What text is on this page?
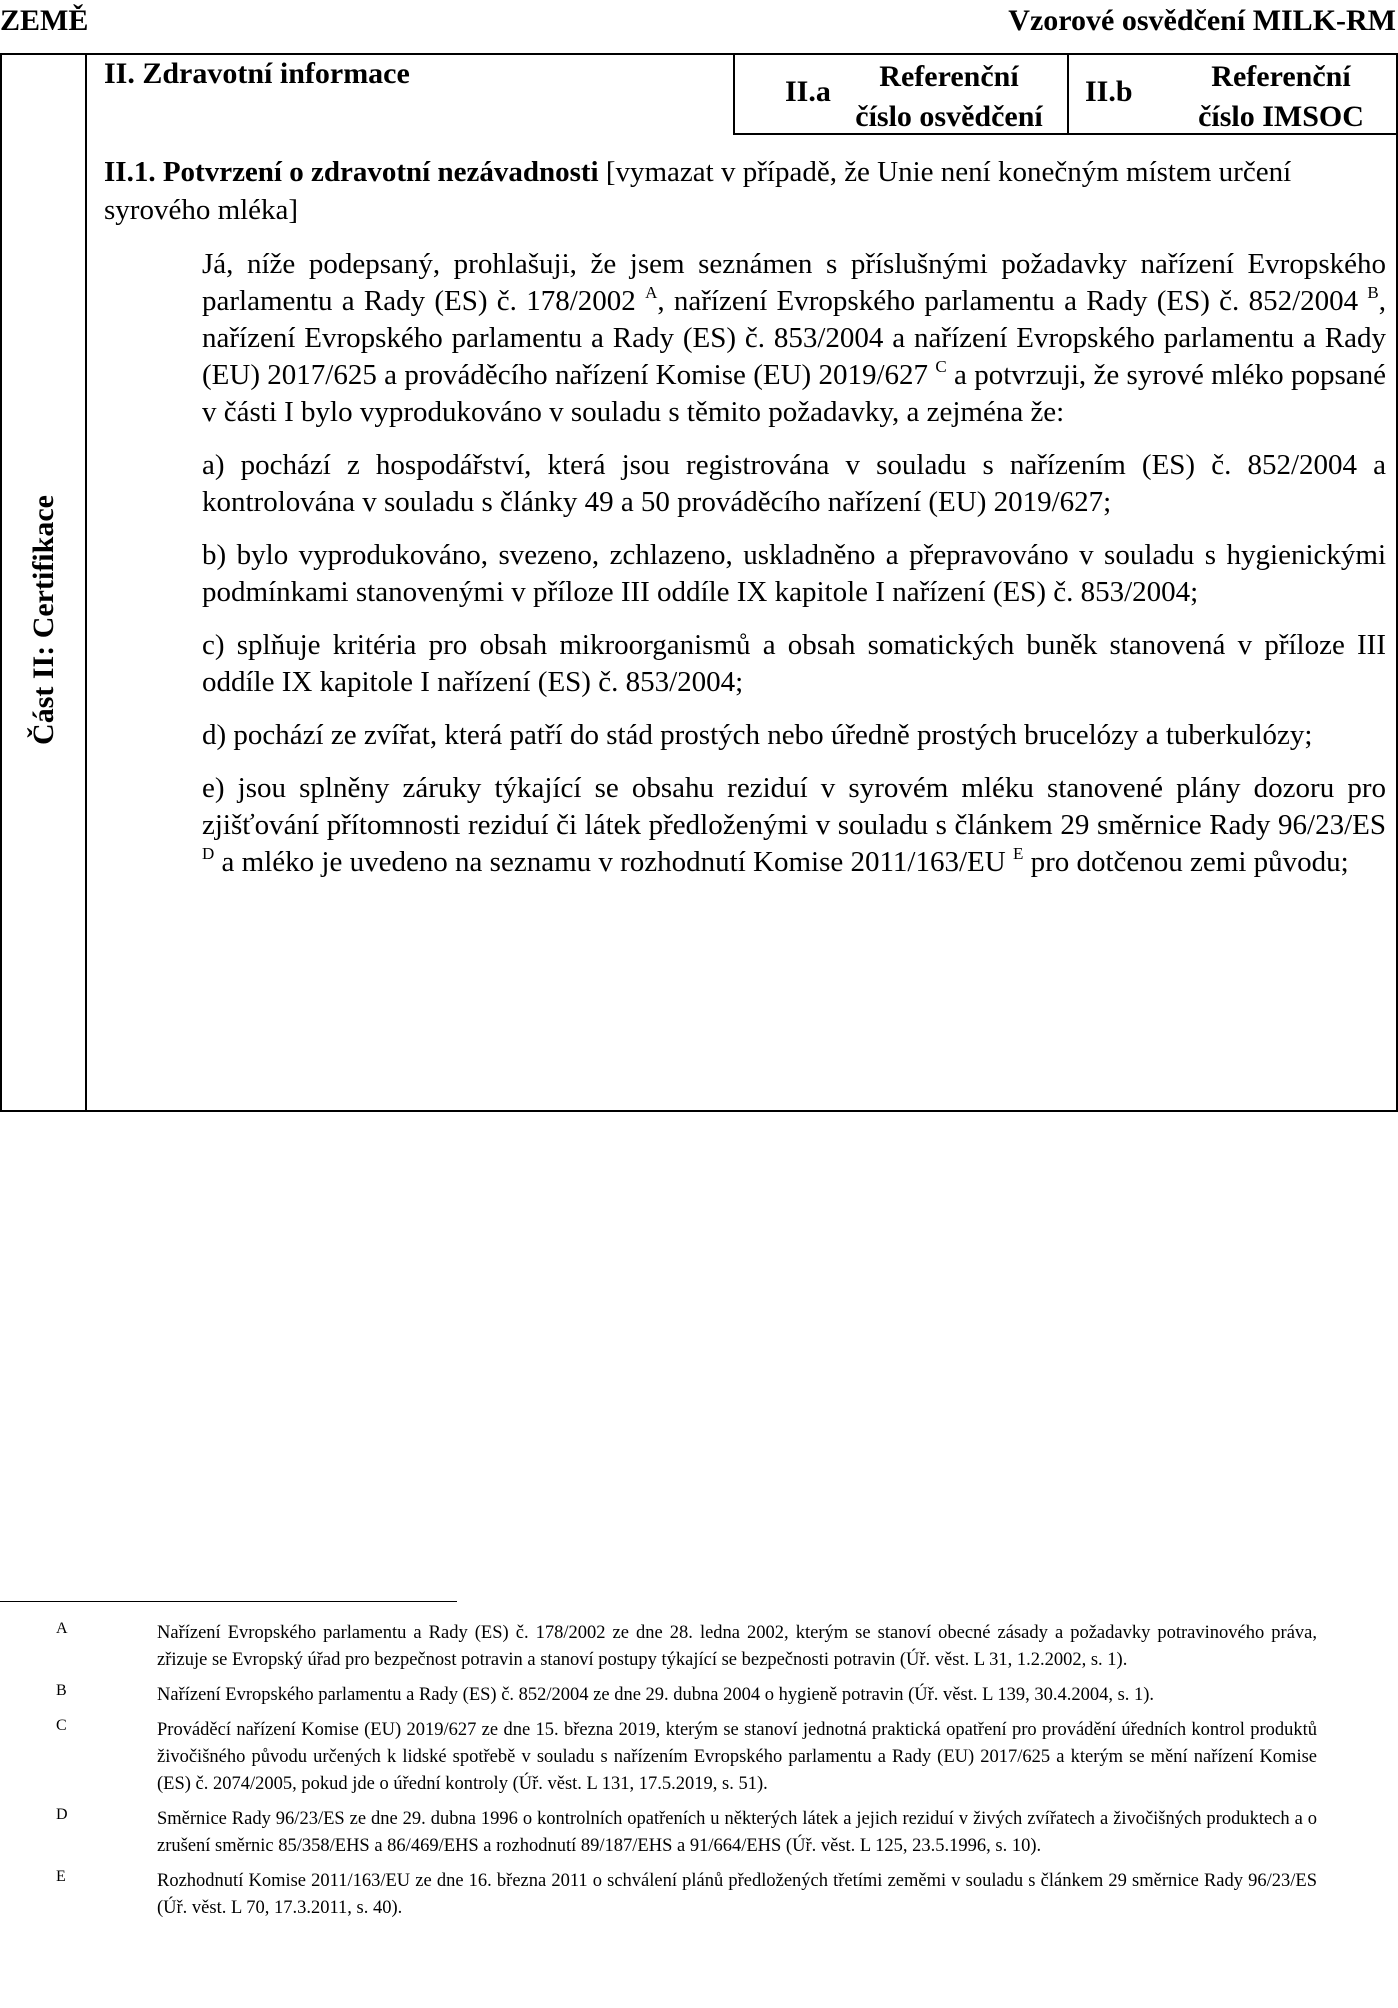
ZEMĚ	Vzorové osvědčení MILK-RM
Část II: Certifikace
II. Zdravotní informace
II.a	Referenční
číslo osvědčení
II.b	Referenční
číslo IMSOC
II.1. Potvrzení o zdravotní nezávadnosti [vymazat v případě, že Unie není konečným místem určení syrového mléka]

Já, níže podepsaný, prohlašuji, že jsem seznámen s příslušnými požadavky nařízení Evropského parlamentu a Rady (ES) č. 178/2002 $^A$, nařízení Evropského parlamentu a Rady (ES) č. 852/2004 $^B$, nařízení Evropského parlamentu a Rady (ES) č. 853/2004 a nařízení Evropského parlamentu a Rady (EU) 2017/625 a prováděcího nařízení Komise (EU) 2019/627 $^C$ a potvrzuji, že syrové mléko popsané v části I bylo vyprodukováno v souladu s těmito požadavky, a zejména že:

a) pochází z hospodářství, která jsou registrována v souladu s nařízením (ES) č. 852/2004 a kontrolována v souladu s články 49 a 50 prováděcího nařízení (EU) 2019/627;

b) bylo vyprodukováno, svezeno, zchlazeno, uskladněno a přepravováno v souladu s hygienickými podmínkami stanovenými v příloze III oddíle IX kapitole I nařízení (ES) č. 853/2004;

c) splňuje kritéria pro obsah mikroorganismů a obsah somatických buněk stanovená v příloze III oddíle IX kapitole I nařízení (ES) č. 853/2004;

d) pochází ze zvířat, která patří do stád prostých nebo úředně prostých brucelózy a tuberkulózy;

e) jsou splněny záruky týkající se obsahu reziduí v syrovém mléku stanovené plány dozoru pro zjišťování přítomnosti reziduí či látek předloženými v souladu s článkem 29 směrnice Rady 96/23/ES $^D$ a mléko je uvedeno na seznamu v rozhodnutí Komise 2011/163/EU $^E$ pro dotčenou zemi původu;

A	Nařízení Evropského parlamentu a Rady (ES) č. 178/2002 ze dne 28. ledna 2002, kterým se stanoví obecné zásady a požadavky potravinového práva, zřizuje se Evropský úřad pro bezpečnost potravin a stanoví postupy týkající se bezpečnosti potravin (Úř. věst. L 31, 1.2.2002, s. 1).
B	Nařízení Evropského parlamentu a Rady (ES) č. 852/2004 ze dne 29. dubna 2004 o hygieně potravin (Úř. věst. L 139, 30.4.2004, s. 1).
C	Prováděcí nařízení Komise (EU) 2019/627 ze dne 15. března 2019, kterým se stanoví jednotná praktická opatření pro provádění úředních kontrol produktů živočišného původu určených k lidské spotřebě v souladu s nařízením Evropského parlamentu a Rady (EU) 2017/625 a kterým se mění nařízení Komise (ES) č. 2074/2005, pokud jde o úřední kontroly (Úř. věst. L 131, 17.5.2019, s. 51).
D	Směrnice Rady 96/23/ES ze dne 29. dubna 1996 o kontrolních opatřeních u některých látek a jejich reziduí v živých zvířatech a živočišných produktech a o zrušení směrnic 85/358/EHS a 86/469/EHS a rozhodnutí 89/187/EHS a 91/664/EHS (Úř. věst. L 125, 23.5.1996, s. 10).
E	Rozhodnutí Komise 2011/163/EU ze dne 16. března 2011 o schválení plánů předložených třetími zeměmi v souladu s článkem 29 směrnice Rady 96/23/ES (Úř. věst. L 70, 17.3.2011, s. 40).
